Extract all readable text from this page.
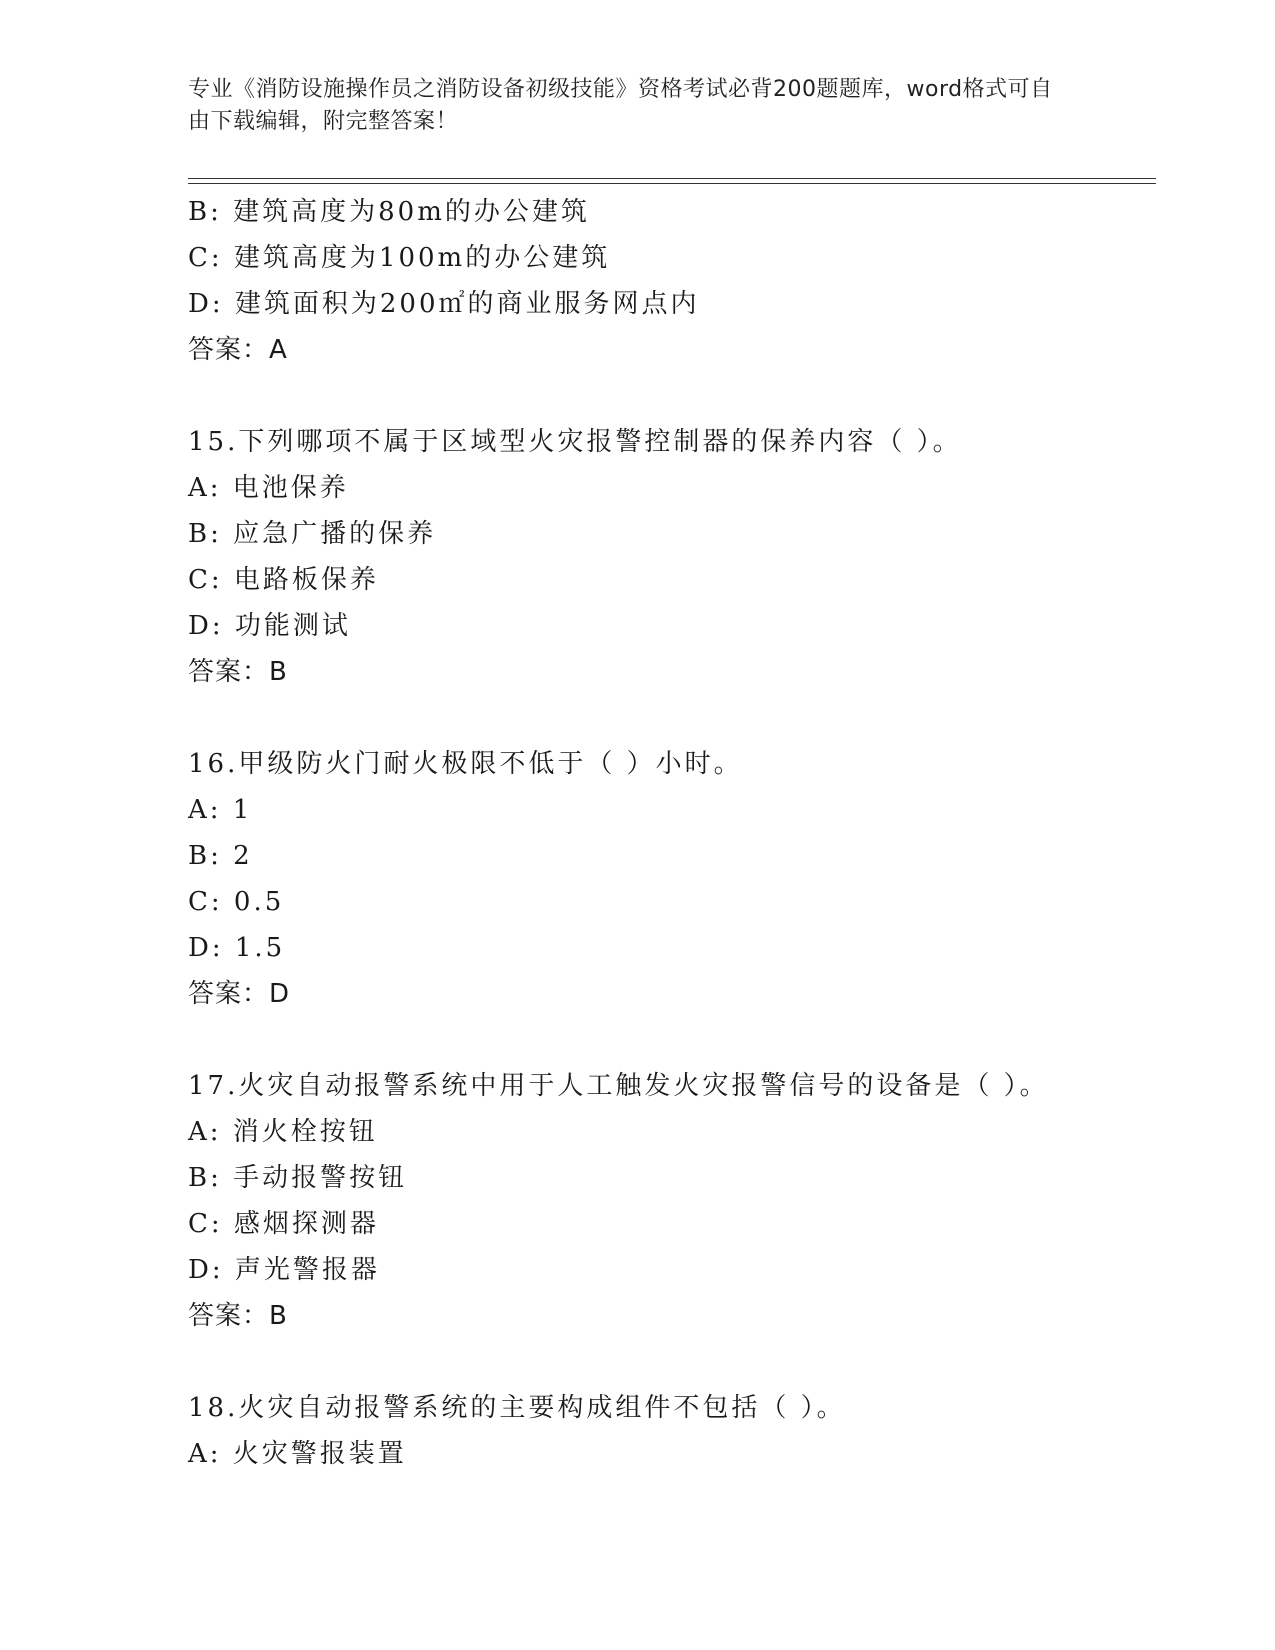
专业《消防设施操作员之消防设备初级技能》资格考试必背200题题库，word格式可自由下载编辑，附完整答案！
B: 建筑高度为80m的办公建筑
C: 建筑高度为100m的办公建筑
D: 建筑面积为200㎡的商业服务网点内
答案：A
15.下列哪项不属于区域型火灾报警控制器的保养内容（ ）。
A: 电池保养
B: 应急广播的保养
C: 电路板保养
D: 功能测试
答案：B
16.甲级防火门耐火极限不低于（ ）小时。
A: 1
B: 2
C: 0.5
D: 1.5
答案：D
17.火灾自动报警系统中用于人工触发火灾报警信号的设备是（ ）。
A: 消火栓按钮
B: 手动报警按钮
C: 感烟探测器
D: 声光警报器
答案：B
18.火灾自动报警系统的主要构成组件不包括（ ）。
A: 火灾警报装置
